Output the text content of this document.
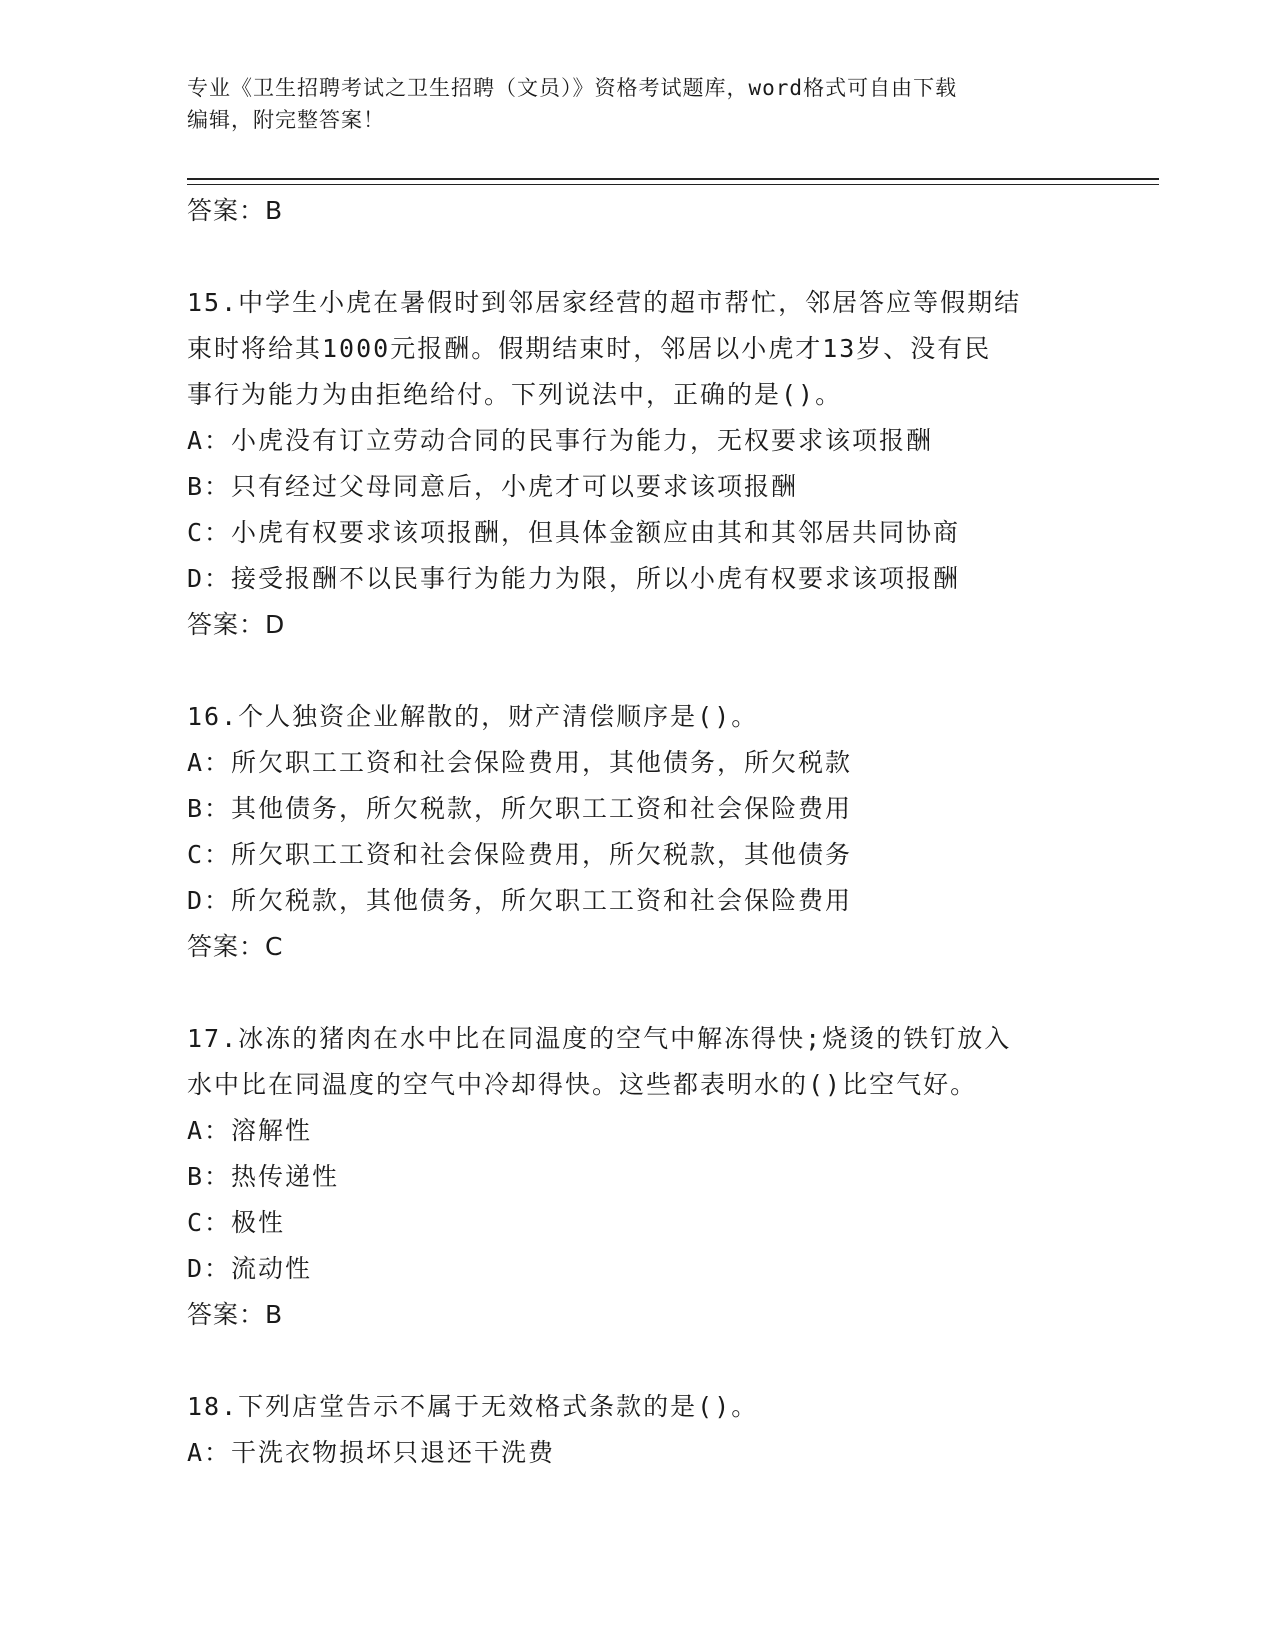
专业《卫生招聘考试之卫生招聘（文员）》资格考试题库，word格式可自由下载
编辑，附完整答案！
答案：B
15.中学生小虎在暑假时到邻居家经营的超市帮忙，邻居答应等假期结
束时将给其1000元报酬。假期结束时，邻居以小虎才13岁、没有民
事行为能力为由拒绝给付。下列说法中，正确的是()。
A：小虎没有订立劳动合同的民事行为能力，无权要求该项报酬
B：只有经过父母同意后，小虎才可以要求该项报酬
C：小虎有权要求该项报酬，但具体金额应由其和其邻居共同协商
D：接受报酬不以民事行为能力为限，所以小虎有权要求该项报酬
答案：D
16.个人独资企业解散的，财产清偿顺序是()。
A：所欠职工工资和社会保险费用，其他债务，所欠税款
B：其他债务，所欠税款，所欠职工工资和社会保险费用
C：所欠职工工资和社会保险费用，所欠税款，其他债务
D：所欠税款，其他债务，所欠职工工资和社会保险费用
答案：C
17.冰冻的猪肉在水中比在同温度的空气中解冻得快;烧烫的铁钉放入
水中比在同温度的空气中冷却得快。这些都表明水的()比空气好。
A：溶解性
B：热传递性
C：极性
D：流动性
答案：B
18.下列店堂告示不属于无效格式条款的是()。
A：干洗衣物损坏只退还干洗费
